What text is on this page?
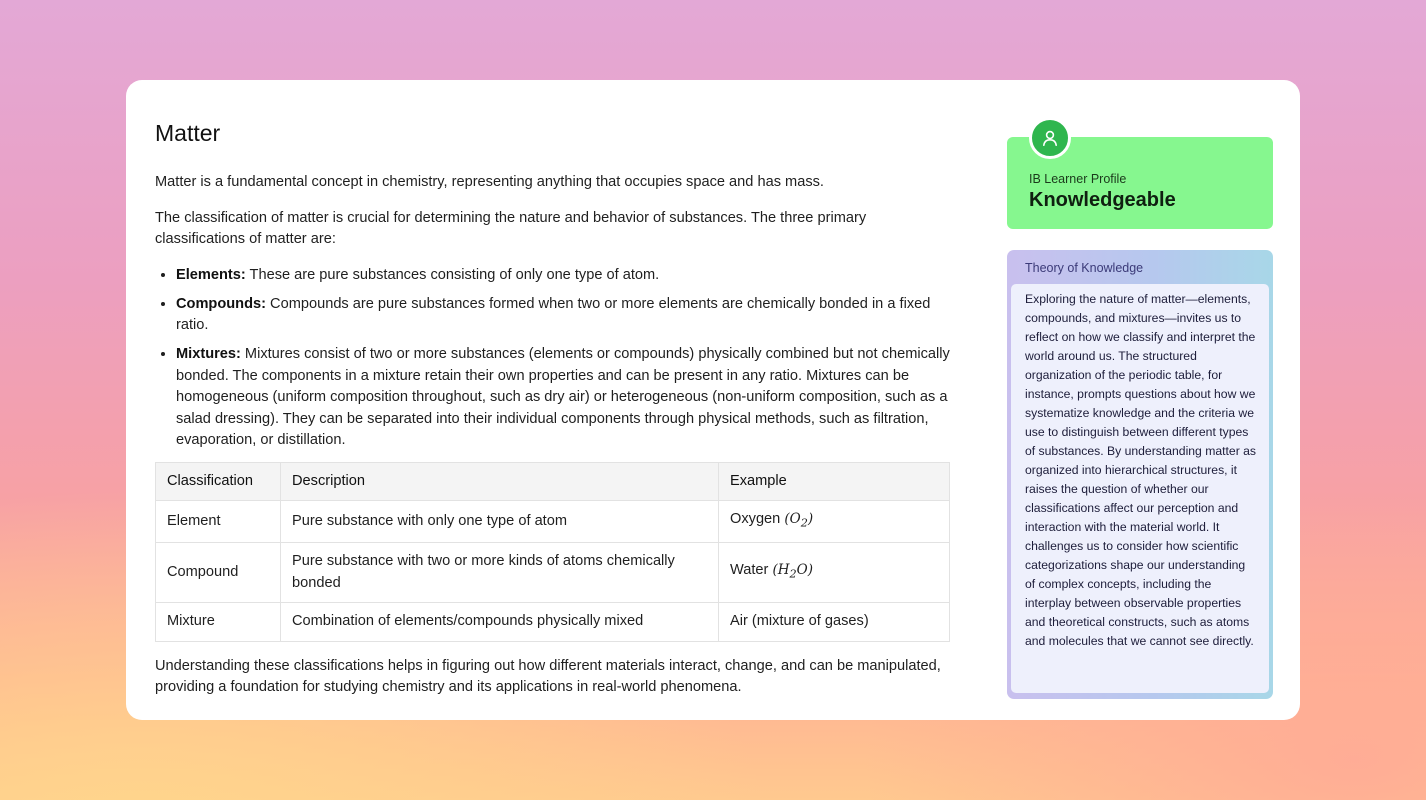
Matter

Matter is a fundamental concept in chemistry, representing anything that occupies space and has mass.

The classification of matter is crucial for determining the nature and behavior of substances. The three primary classifications of matter are:

• Elements: These are pure substances consisting of only one type of atom.
• Compounds: Compounds are pure substances formed when two or more elements are chemically bonded in a fixed ratio.
• Mixtures: Mixtures consist of two or more substances (elements or compounds) physically combined but not chemically bonded. The components in a mixture retain their own properties and can be present in any ratio. Mixtures can be homogeneous (uniform composition throughout, such as dry air) or heterogeneous (non-uniform composition, such as a salad dressing). They can be separated into their individual components through physical methods, such as filtration, evaporation, or distillation.
Classification	Description	Example
Element	Pure substance with only one type of atom	Oxygen $(O_2)$
Compound	Pure substance with two or more kinds of atoms chemically bonded	Water $(H_2O)$
Mixture	Combination of elements/compounds physically mixed	Air (mixture of gases)

Understanding these classifications helps in figuring out how different materials interact, change, and can be manipulated, providing a foundation for studying chemistry and its applications in real-world phenomena.

IB Learner Profile
Knowledgeable
Theory of Knowledge
Exploring the nature of matter—elements, compounds, and mixtures—invites us to reflect on how we classify and interpret the world around us. The structured organization of the periodic table, for instance, prompts questions about how we systematize knowledge and the criteria we use to distinguish between different types of substances. By understanding matter as organized into hierarchical structures, it raises the question of whether our classifications affect our perception and interaction with the material world. It challenges us to consider how scientific categorizations shape our understanding of complex concepts, including the interplay between observable properties and theoretical constructs, such as atoms and molecules that we cannot see directly.
